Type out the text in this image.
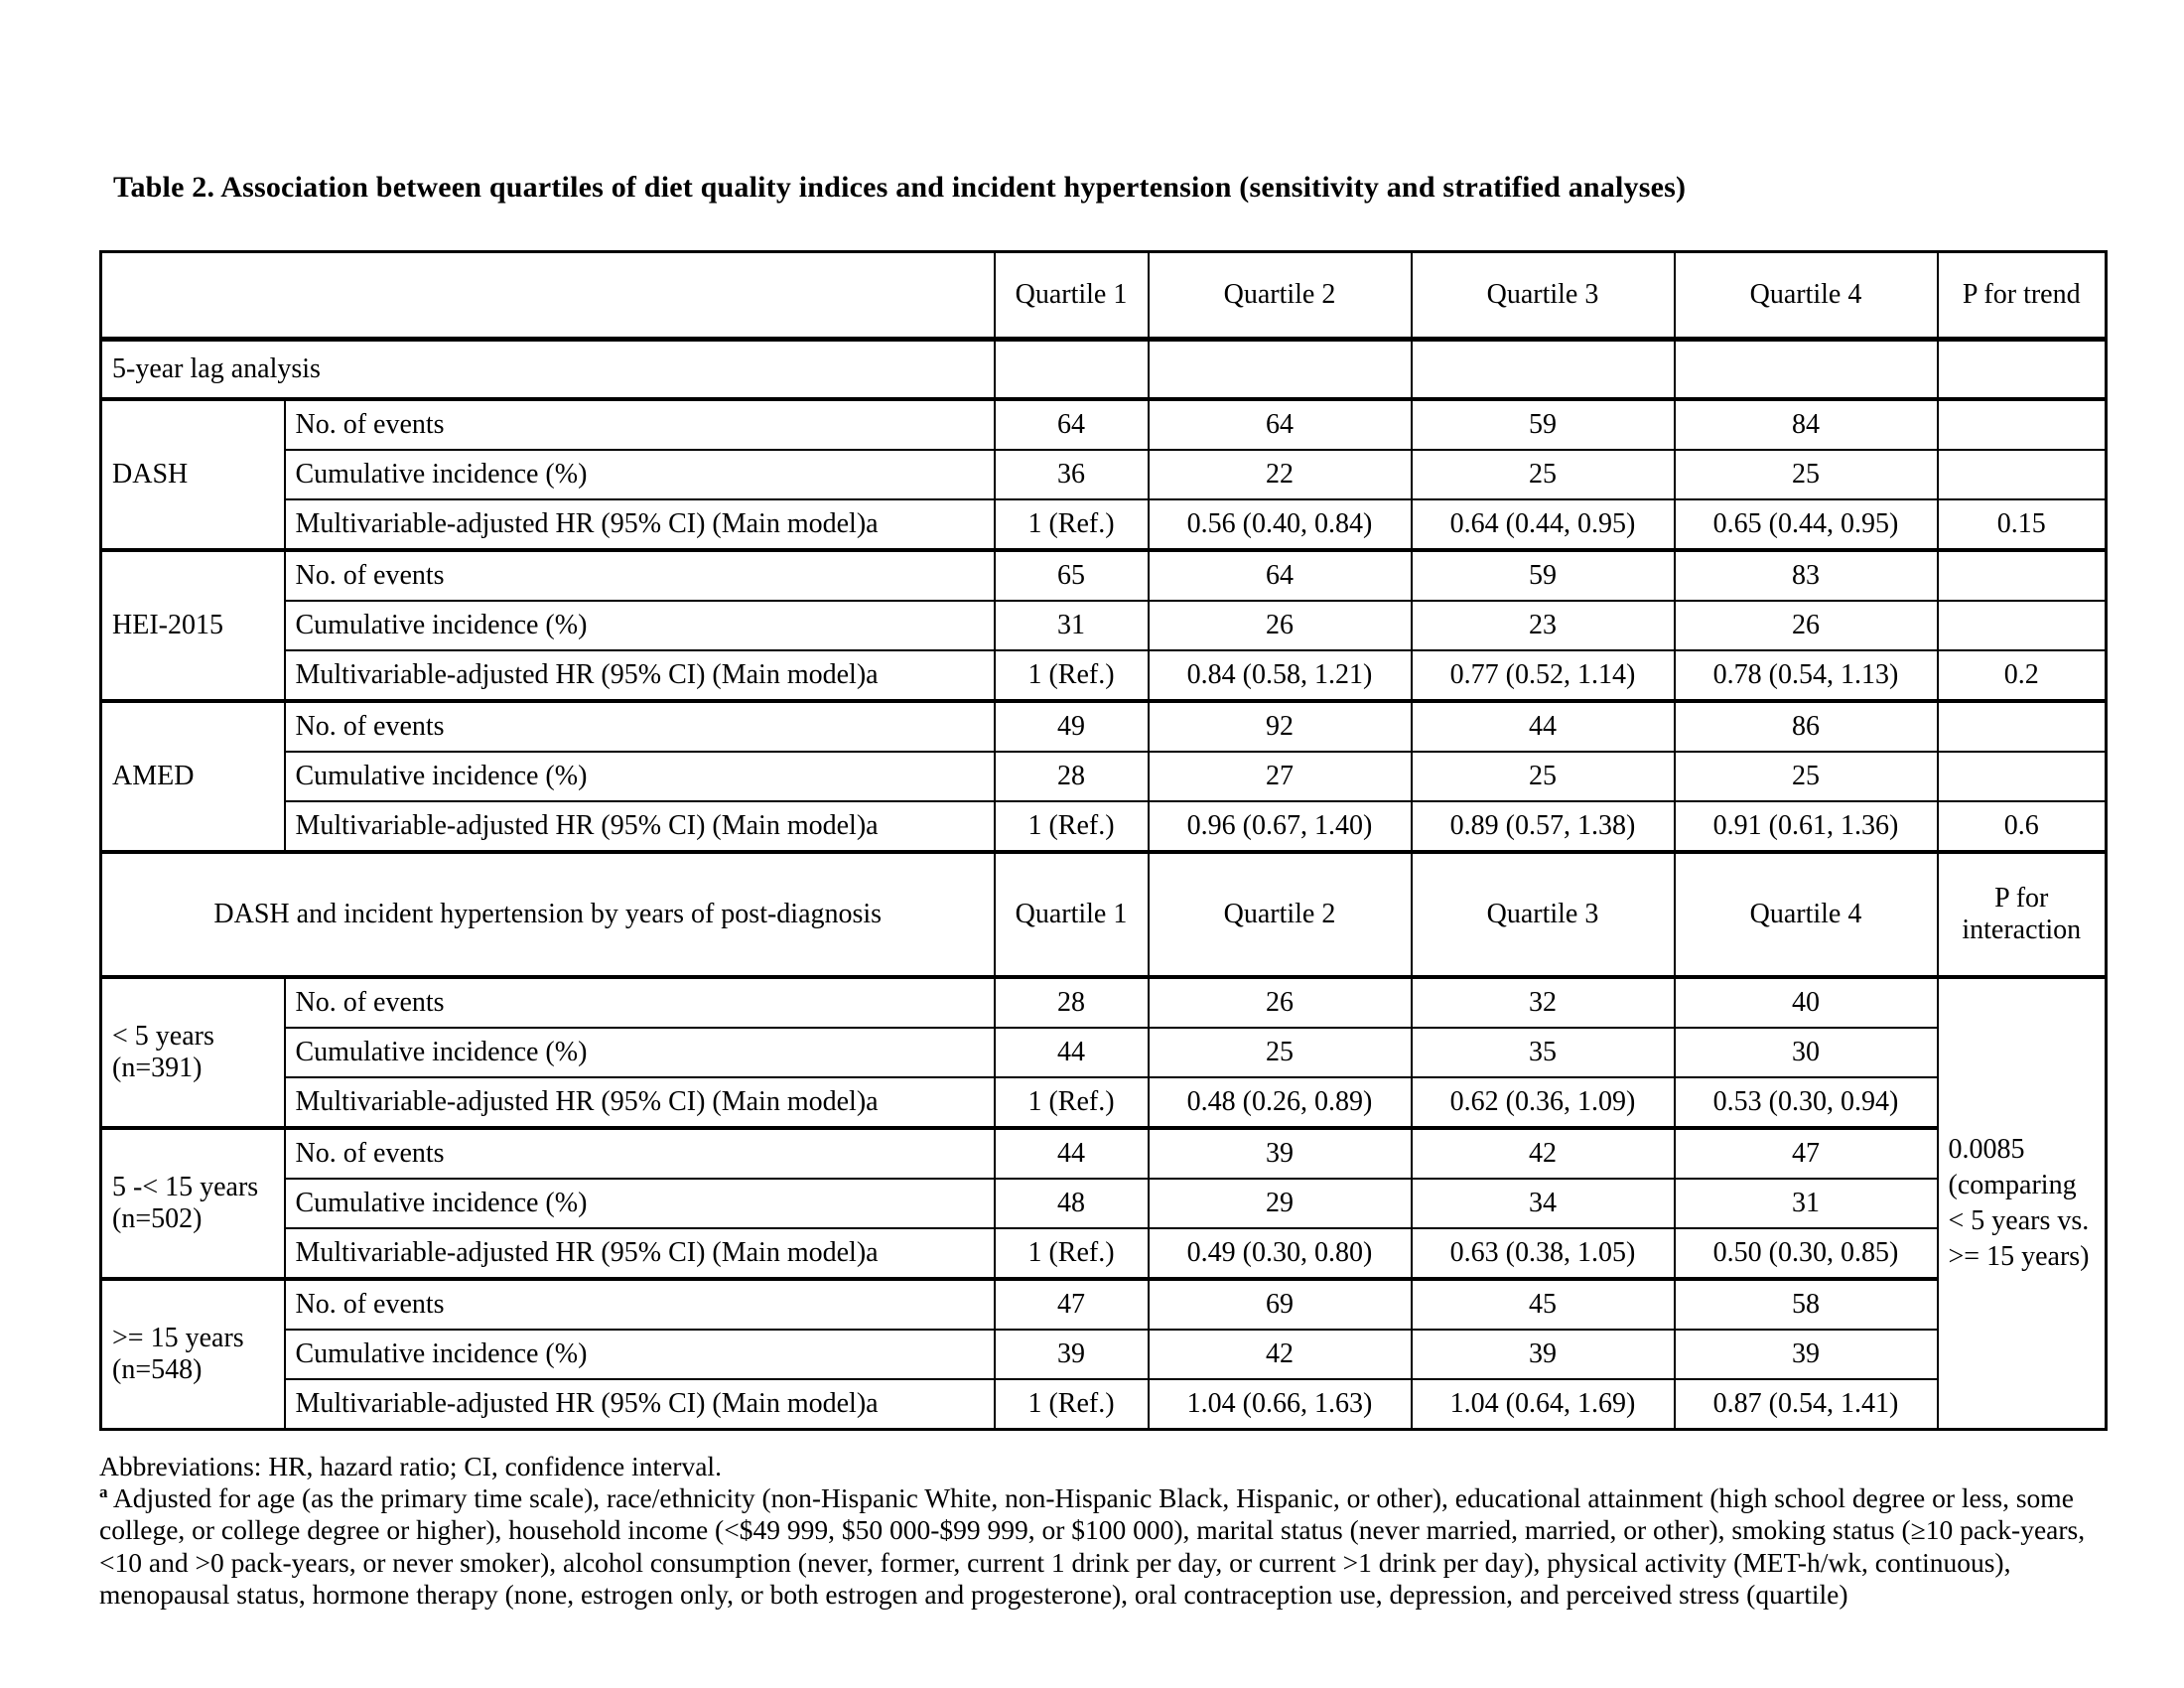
Table 2. Association between quartiles of diet quality indices and incident hypertension (sensitivity and stratified analyses)
		Quartile 1	Quartile 2	Quartile 3	Quartile 4	P for trend
5-year lag analysis						
DASH	No. of events	64	64	59	84	
	Cumulative incidence (%)	36	22	25	25	
	Multivariable-adjusted HR (95% CI) (Main model)a	1 (Ref.)	0.56 (0.40, 0.84)	0.64 (0.44, 0.95)	0.65 (0.44, 0.95)	0.15
HEI-2015	No. of events	65	64	59	83	
	Cumulative incidence (%)	31	26	23	26	
	Multivariable-adjusted HR (95% CI) (Main model)a	1 (Ref.)	0.84 (0.58, 1.21)	0.77 (0.52, 1.14)	0.78 (0.54, 1.13)	0.2
AMED	No. of events	49	92	44	86	
	Cumulative incidence (%)	28	27	25	25	
	Multivariable-adjusted HR (95% CI) (Main model)a	1 (Ref.)	0.96 (0.67, 1.40)	0.89 (0.57, 1.38)	0.91 (0.61, 1.36)	0.6
DASH and incident hypertension by years of post-diagnosis		Quartile 1	Quartile 2	Quartile 3	Quartile 4	P for interaction
< 5 years (n=391)	No. of events	28	26	32	40	0.0085 (comparing < 5 years vs. >= 15 years)
	Cumulative incidence (%)	44	25	35	30	
	Multivariable-adjusted HR (95% CI) (Main model)a	1 (Ref.)	0.48 (0.26, 0.89)	0.62 (0.36, 1.09)	0.53 (0.30, 0.94)	
5 -< 15 years (n=502)	No. of events	44	39	42	47	
	Cumulative incidence (%)	48	29	34	31	
	Multivariable-adjusted HR (95% CI) (Main model)a	1 (Ref.)	0.49 (0.30, 0.80)	0.63 (0.38, 1.05)	0.50 (0.30, 0.85)	
>= 15 years (n=548)	No. of events	47	69	45	58	
	Cumulative incidence (%)	39	42	39	39	
	Multivariable-adjusted HR (95% CI) (Main model)a	1 (Ref.)	1.04 (0.66, 1.63)	1.04 (0.64, 1.69)	0.87 (0.54, 1.41)	

Abbreviations: HR, hazard ratio; CI, confidence interval.

$^a$ Adjusted for age (as the primary time scale), race/ethnicity (non-Hispanic White, non-Hispanic Black, Hispanic, or other), educational attainment (high school degree or less, some college, or college degree or higher), household income (<$49 999, $50 000-$99 999, or $100 000), marital status (never married, married, or other), smoking status (≥10 pack-years, <10 and >0 pack-years, or never smoker), alcohol consumption (never, former, current 1 drink per day, or current >1 drink per day), physical activity (MET-h/wk, continuous), menopausal status, hormone therapy (none, estrogen only, or both estrogen and progesterone), oral contraception use, depression, and perceived stress (quartile)
